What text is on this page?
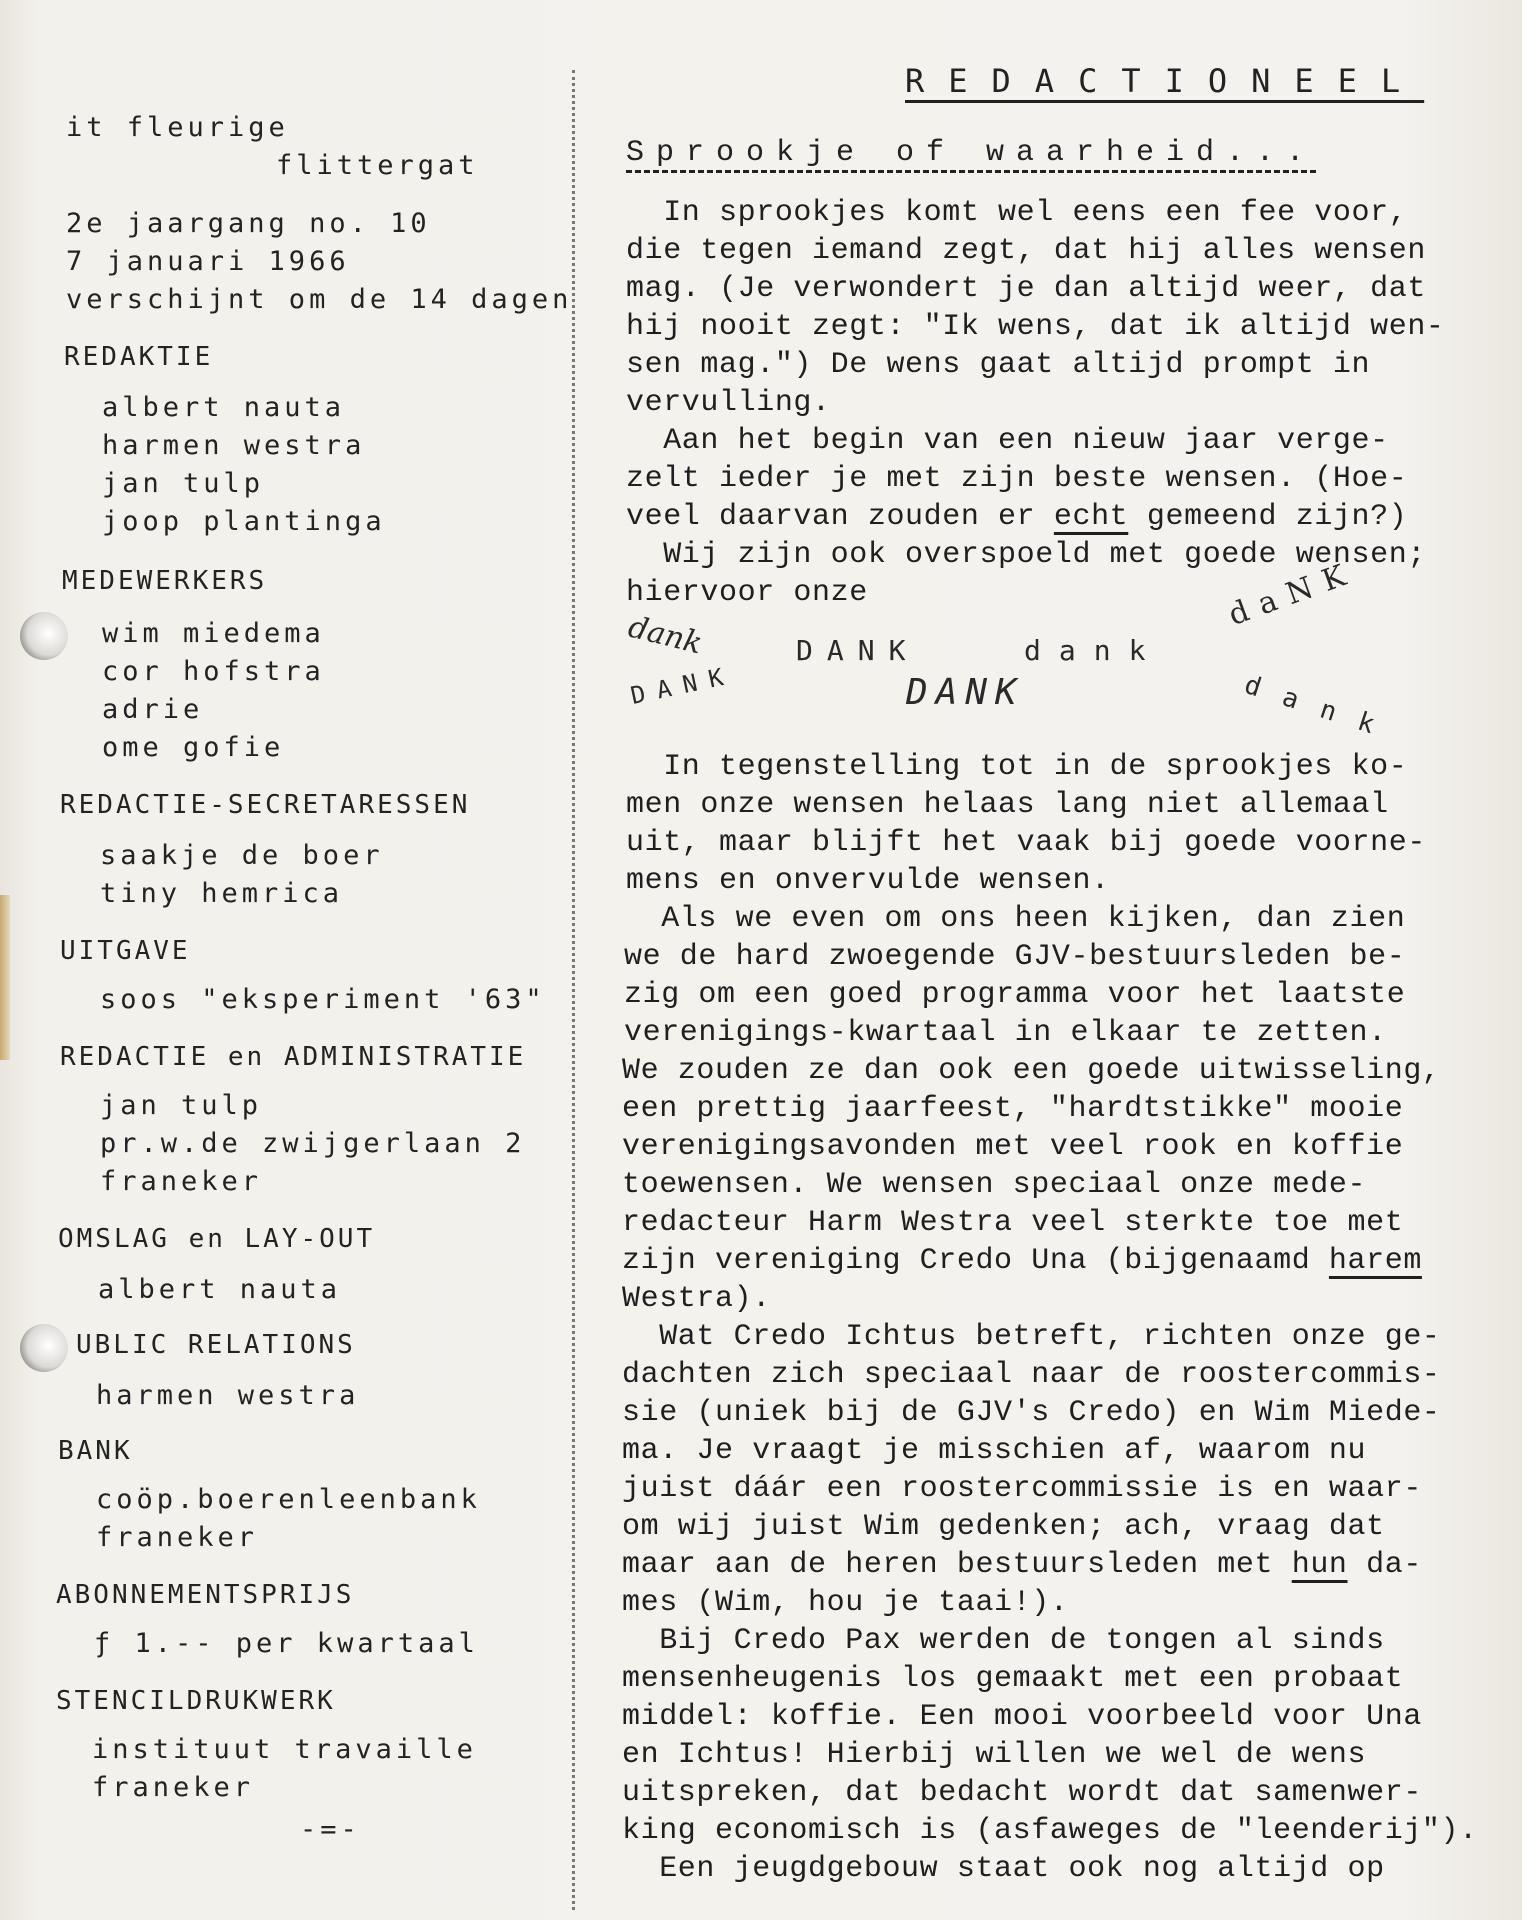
it fleurige
flittergat
2e jaargang no. 10
7 januari 1966
verschijnt om de 14 dagen
REDAKTIE
albert nauta
harmen westra
jan tulp
joop plantinga
MEDEWERKERS
wim miedema
cor hofstra
adrie
ome gofie
REDACTIE-SECRETARESSEN
saakje de boer
tiny hemrica
UITGAVE
soos "eksperiment '63"
REDACTIE en ADMINISTRATIE
jan tulp
pr.w.de zwijgerlaan 2
franeker
OMSLAG en LAY-OUT
albert nauta
UBLIC RELATIONS
harmen westra
BANK
coöp.boerenleenbank
franeker
ABONNEMENTSPRIJS
ƒ 1.-- per kwartaal
STENCILDRUKWERK
instituut travaille
franeker
-=-
REDACTIONEEL
Sprookje of waarheid...
In sprookjes komt wel eens een fee voor,
die tegen iemand zegt, dat hij alles wensen
mag. (Je verwondert je dan altijd weer, dat
hij nooit zegt: "Ik wens, dat ik altijd wen-
sen mag.") De wens gaat altijd prompt in
vervulling.
Aan het begin van een nieuw jaar verge-
zelt ieder je met zijn beste wensen. (Hoe-
veel daarvan zouden er echt gemeend zijn?)
Wij zijn ook overspoeld met goede wensen;
hiervoor onze
dank	DANK	dank
daNK
DANK	DANK	dank
In tegenstelling tot in de sprookjes ko-
men onze wensen helaas lang niet allemaal
uit, maar blijft het vaak bij goede voorne-
mens en onvervulde wensen.
Als we even om ons heen kijken, dan zien
we de hard zwoegende GJV-bestuursleden be-
zig om een goed programma voor het laatste
verenigings-kwartaal in elkaar te zetten.
We zouden ze dan ook een goede uitwisseling,
een prettig jaarfeest, "hardtstikke" mooie
verenigingsavonden met veel rook en koffie
toewensen. We wensen speciaal onze mede-
redacteur Harm Westra veel sterkte toe met
zijn vereniging Credo Una (bijgenaamd harem
Westra).
Wat Credo Ichtus betreft, richten onze ge-
dachten zich speciaal naar de roostercommis-
sie (uniek bij de GJV's Credo) en Wim Miede-
ma. Je vraagt je misschien af, waarom nu
juist dáár een roostercommissie is en waar-
om wij juist Wim gedenken; ach, vraag dat
maar aan de heren bestuursleden met hun da-
mes (Wim, hou je taai!).
Bij Credo Pax werden de tongen al sinds
mensenheugenis los gemaakt met een probaat
middel: koffie. Een mooi voorbeeld voor Una
en Ichtus! Hierbij willen we wel de wens
uitspreken, dat bedacht wordt dat samenwer-
king economisch is (asfaweges de "leenderij").
Een jeugdgebouw staat ook nog altijd op
